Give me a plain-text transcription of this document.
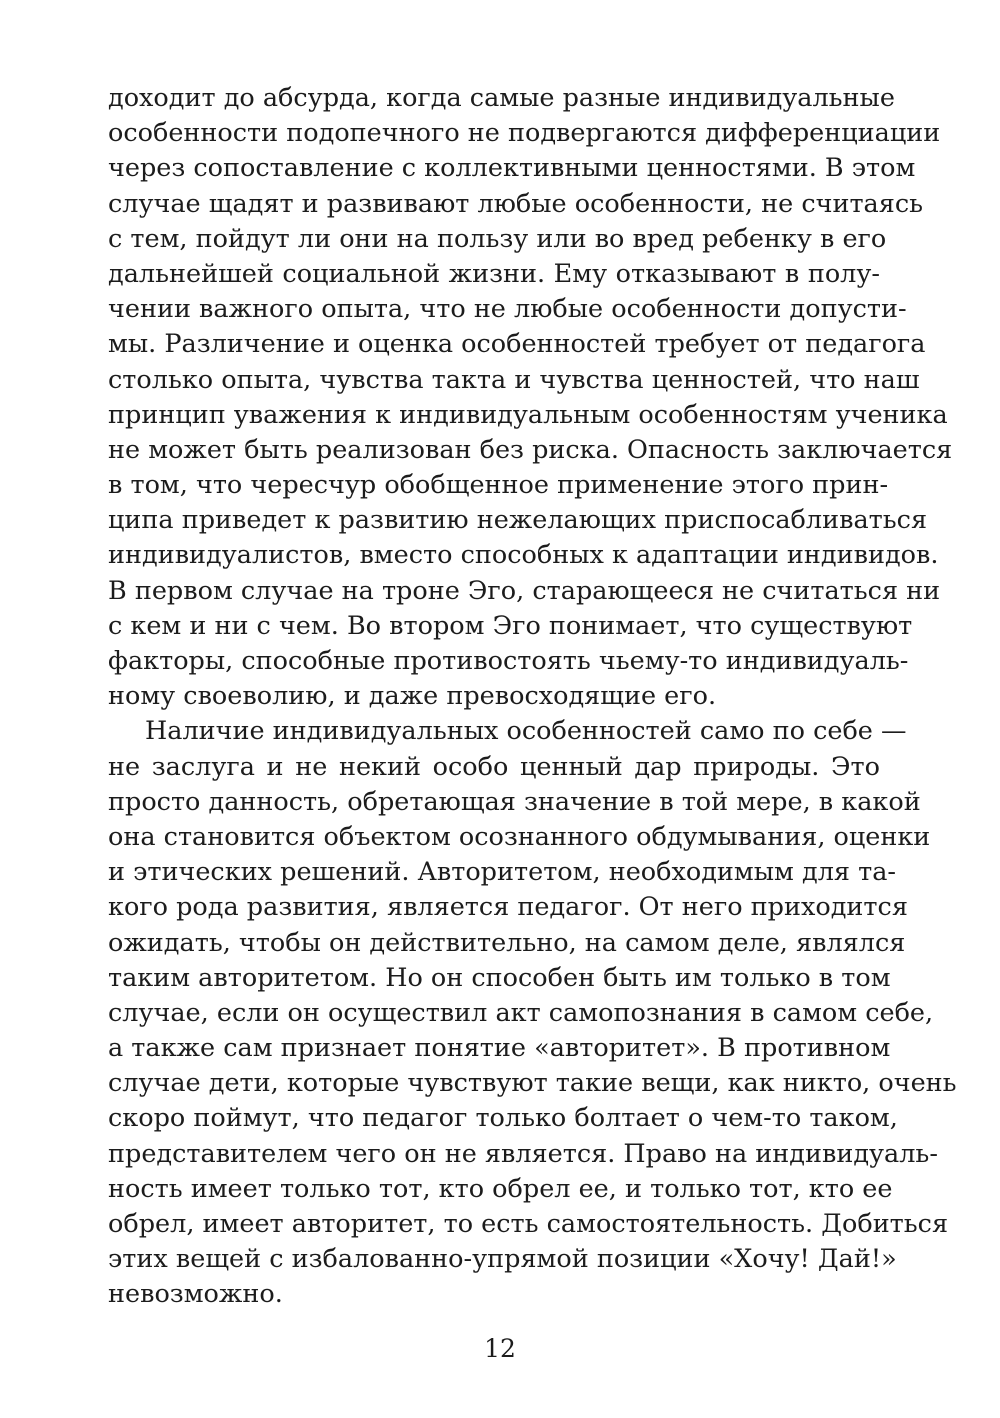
доходит до абсурда, когда самые разные индивидуальные
особенности подопечного не подвергаются дифференциации
через сопоставление с коллективными ценностями. В этом
случае щадят и развивают любые особенности, не считаясь
с тем, пойдут ли они на пользу или во вред ребенку в его
дальнейшей социальной жизни. Ему отказывают в полу-
чении важного опыта, что не любые особенности допусти-
мы. Различение и оценка особенностей требует от педагога
столько опыта, чувства такта и чувства ценностей, что наш
принцип уважения к индивидуальным особенностям ученика
не может быть реализован без риска. Опасность заключается
в том, что чересчур обобщенное применение этого прин-
ципа приведет к развитию нежелающих приспосабливаться
индивидуалистов, вместо способных к адаптации индивидов.
В первом случае на троне Эго, старающееся не считаться ни
с кем и ни с чем. Во втором Эго понимает, что существуют
факторы, способные противостоять чьему-то индивидуаль-
ному своеволию, и даже превосходящие его.
Наличие индивидуальных особенностей само по себе —
не заслуга и не некий особо ценный дар природы. Это
просто данность, обретающая значение в той мере, в какой
она становится объектом осознанного обдумывания, оценки
и этических решений. Авторитетом, необходимым для та-
кого рода развития, является педагог. От него приходится
ожидать, чтобы он действительно, на самом деле, являлся
таким авторитетом. Но он способен быть им только в том
случае, если он осуществил акт самопознания в самом себе,
а также сам признает понятие «авторитет». В противном
случае дети, которые чувствуют такие вещи, как никто, очень
скоро поймут, что педагог только болтает о чем-то таком,
представителем чего он не является. Право на индивидуаль-
ность имеет только тот, кто обрел ее, и только тот, кто ее
обрел, имеет авторитет, то есть самостоятельность. Добиться
этих вещей с избалованно-упрямой позиции «Хочу! Дай!»
невозможно.
12
